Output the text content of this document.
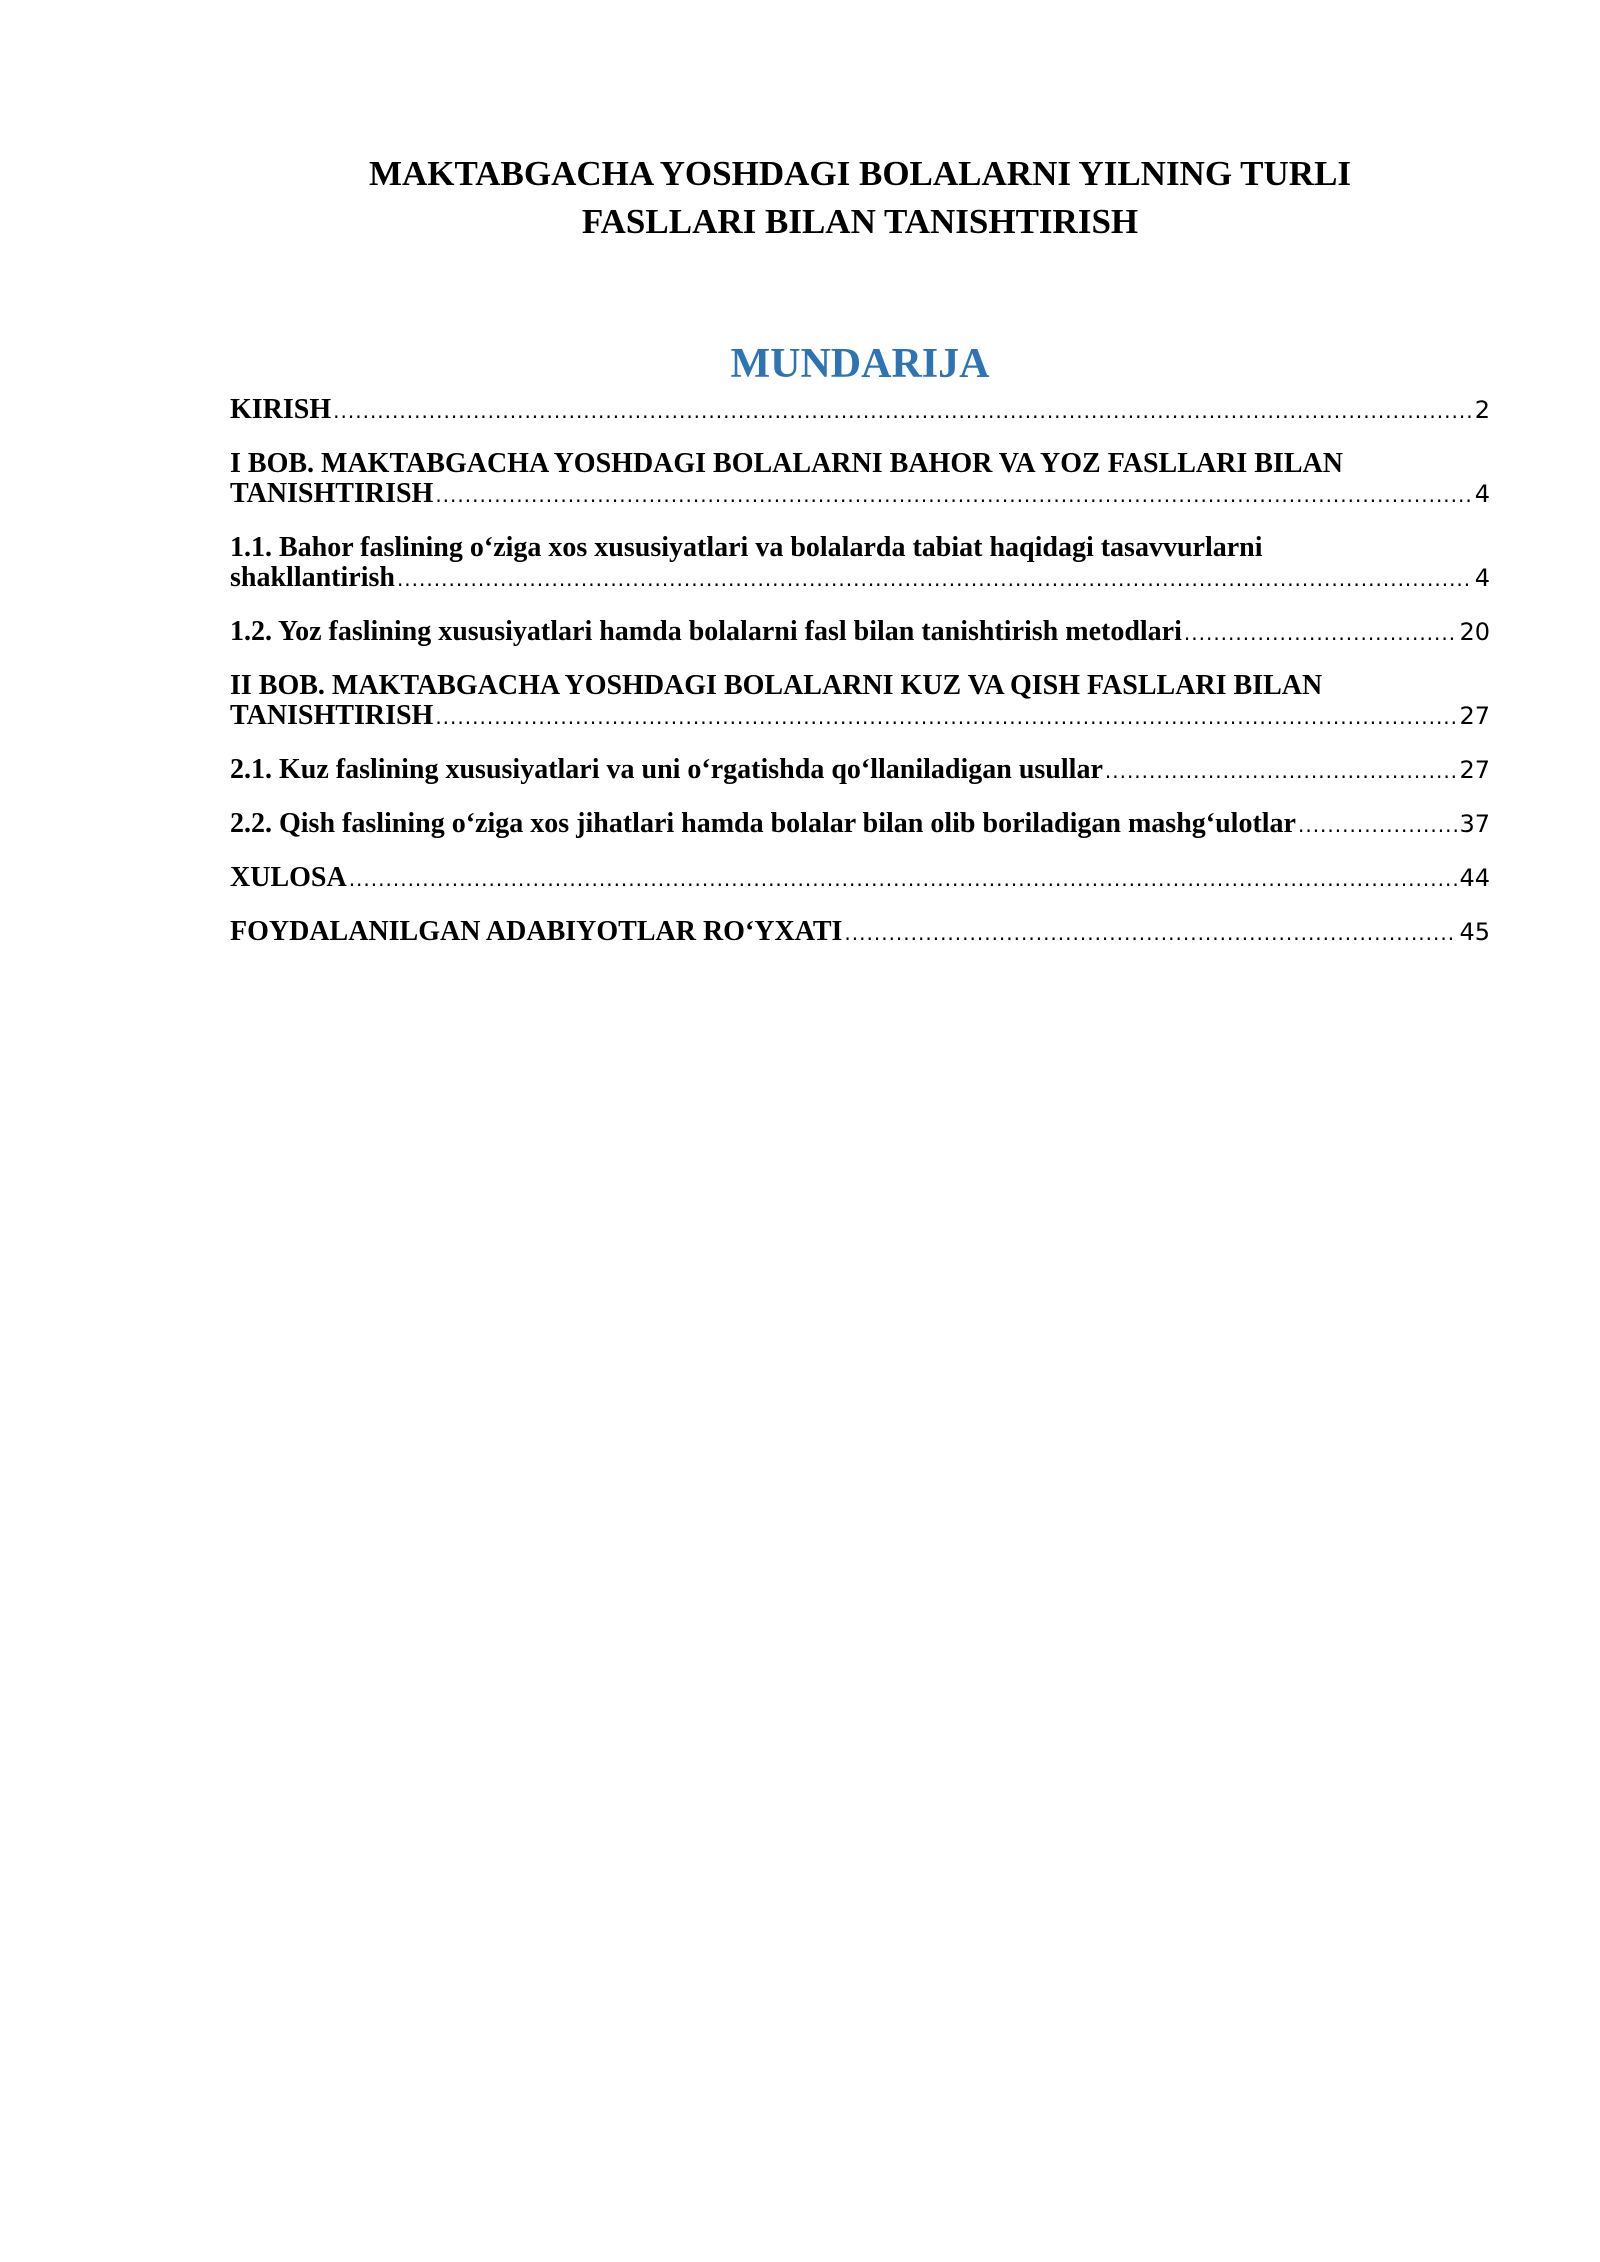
MAKTABGACHA YOSHDAGI BOLALARNI YILNING TURLI
FASLLARI BILAN TANISHTIRISH
MUNDARIJA
KIRISH .....	2
I BOB. MAKTABGACHA YOSHDAGI BOLALARNI BAHOR VA YOZ FASLLARI BILAN
TANISHTIRISH .....	4
1.1. Bahor faslining o‘ziga xos xususiyatlari va bolalarda tabiat haqidagi tasavvurlarni
shakllantirish .....	4
1.2. Yoz faslining xususiyatlari hamda bolalarni fasl bilan tanishtirish metodlari .....	20
II BOB. MAKTABGACHA YOSHDAGI BOLALARNI KUZ VA QISH FASLLARI BILAN
TANISHTIRISH .....	27
2.1. Kuz faslining xususiyatlari va uni o‘rgatishda qo‘llaniladigan usullar .....	27
2.2. Qish faslining o‘ziga xos jihatlari hamda bolalar bilan olib boriladigan mashg‘ulotlar .....	37
XULOSA .....	44
FOYDALANILGAN ADABIYOTLAR RO‘YXATI .....	45
